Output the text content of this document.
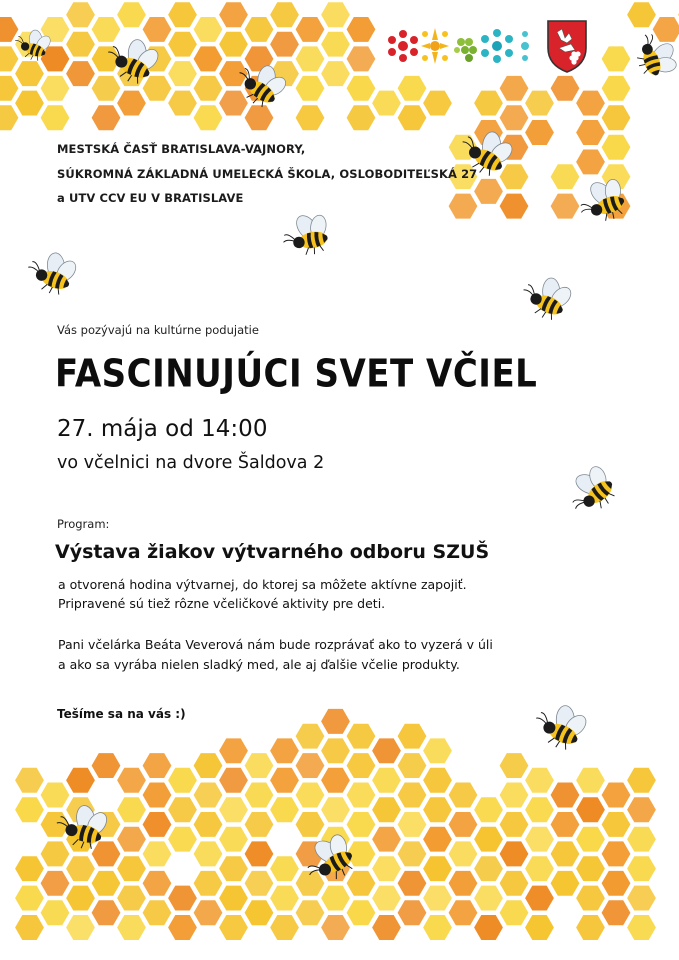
MESTSKÁ ČASŤ BRATISLAVA-VAJNORY,
SÚKROMNÁ ZÁKLADNÁ UMELECKÁ ŠKOLA, OSLOBODITEĽSKÁ 27
a UTV CCV EU V BRATISLAVE
Vás pozývajú na kultúrne podujatie
FASCINUJÚCI SVET VČIEL
27. mája od 14:00
vo včelnici na dvore Šaldova 2
Program:
Výstava žiakov výtvarného odboru SZUŠ
a otvorená hodina výtvarnej, do ktorej sa môžete aktívne zapojiť.
Pripravené sú tiež rôzne včeličkové aktivity pre deti.
Pani včelárka Beáta Veverová nám bude rozprávať ako to vyzerá v úli
a ako sa vyrába nielen sladký med, ale aj ďalšie včelie produkty.
Tešíme sa na vás :)
